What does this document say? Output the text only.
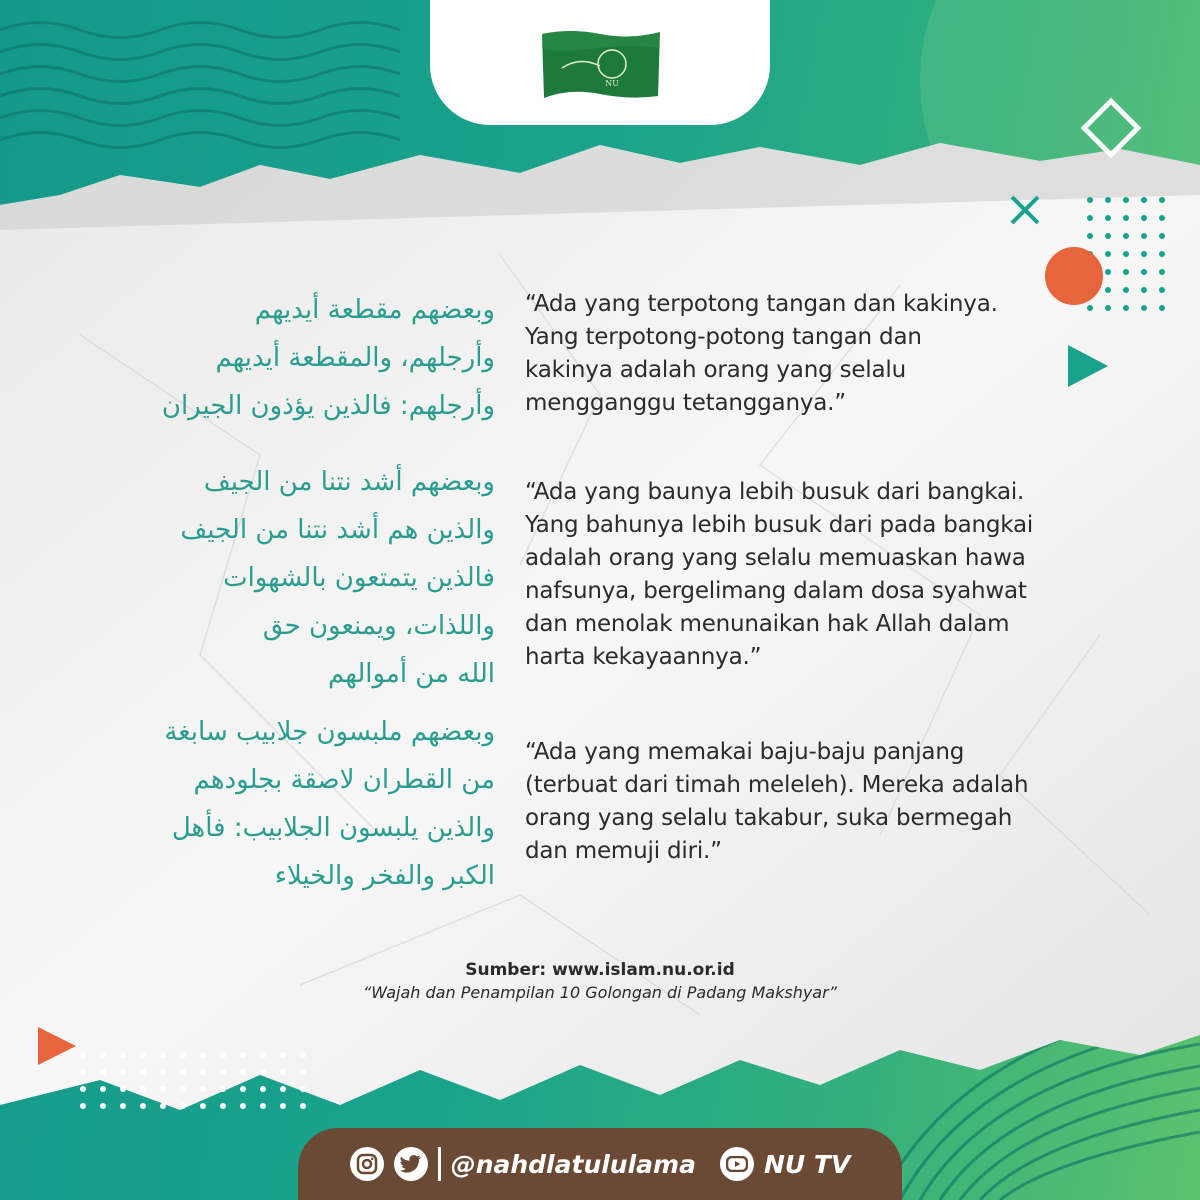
NU
وبعضهم مقطعة أيديهم
وأرجلهم، والمقطعة أيديهم
وأرجلهم: فالذين يؤذون الجيران
وبعضهم أشد نتنا من الجيف
والذين هم أشد نتنا من الجيف
فالذين يتمتعون بالشهوات
واللذات، ويمنعون حق
الله من أموالهم
وبعضهم ملبسون جلابيب سابغة
من القطران لاصقة بجلودهم
والذين يلبسون الجلابيب: فأهل
الكبر والفخر والخيلاء
“Ada yang terpotong tangan dan kakinya.
Yang terpotong-potong tangan dan
kakinya adalah orang yang selalu
mengganggu tetangganya.”
“Ada yang baunya lebih busuk dari bangkai.
Yang bahunya lebih busuk dari pada bangkai
adalah orang yang selalu memuaskan hawa
nafsunya, bergelimang dalam dosa syahwat
dan menolak menunaikan hak Allah dalam
harta kekayaannya.”
“Ada yang memakai baju-baju panjang
(terbuat dari timah meleleh). Mereka adalah
orang yang selalu takabur, suka bermegah
dan memuji diri.”
Sumber: www.islam.nu.or.id
“Wajah dan Penampilan 10 Golongan di Padang Makshyar”
@nahdlatululama	NU TV
